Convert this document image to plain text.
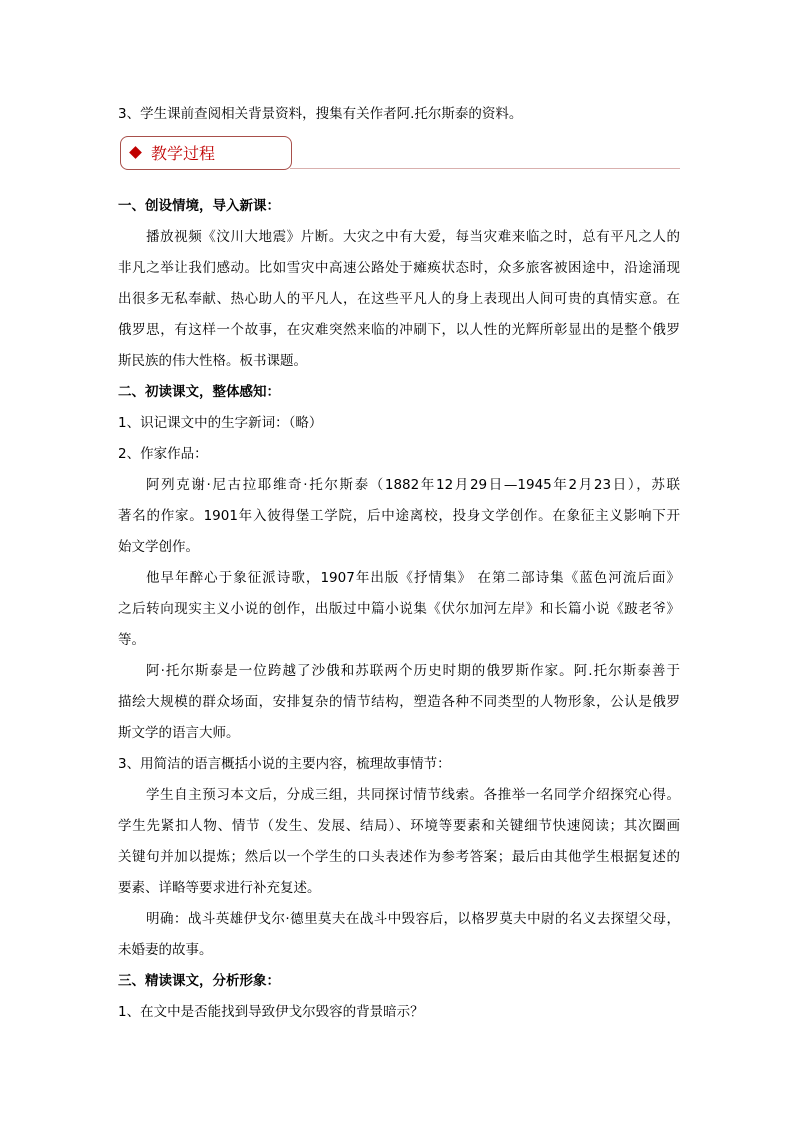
3、学生课前查阅相关背景资料，搜集有关作者阿.托尔斯泰的资料。
教学过程
一、创设情境，导入新课：
播放视频《汶川大地震》片断。大灾之中有大爱，每当灾难来临之时，总有平凡之人的
非凡之举让我们感动。比如雪灾中高速公路处于瘫痪状态时，众多旅客被困途中，沿途涌现
出很多无私奉献、热心助人的平凡人，在这些平凡人的身上表现出人间可贵的真情实意。在
俄罗思，有这样一个故事，在灾难突然来临的冲刷下，以人性的光辉所彰显出的是整个俄罗
斯民族的伟大性格。板书课题。
二、初读课文，整体感知：
1、识记课文中的生字新词：（略）
2、作家作品：
阿列克谢·尼古拉耶维奇·托尔斯泰（1882年12月29日—1945年2月23日），苏联
著名的作家。1901年入彼得堡工学院，后中途离校，投身文学创作。在象征主义影响下开
始文学创作。
他早年醉心于象征派诗歌，1907年出版《抒情集》 在第二部诗集《蓝色河流后面》
之后转向现实主义小说的创作，出版过中篇小说集《伏尔加河左岸》和长篇小说《跛老爷》
等。
阿·托尔斯泰是一位跨越了沙俄和苏联两个历史时期的俄罗斯作家。阿.托尔斯泰善于
描绘大规模的群众场面，安排复杂的情节结构，塑造各种不同类型的人物形象，公认是俄罗
斯文学的语言大师。
3、用简洁的语言概括小说的主要内容，梳理故事情节：
学生自主预习本文后，分成三组，共同探讨情节线索。各推举一名同学介绍探究心得。
学生先紧扣人物、情节（发生、发展、结局）、环境等要素和关键细节快速阅读；其次圈画
关键句并加以提炼；然后以一个学生的口头表述作为参考答案；最后由其他学生根据复述的
要素、详略等要求进行补充复述。
明确：战斗英雄伊戈尔·德里莫夫在战斗中毁容后，以格罗莫夫中尉的名义去探望父母，
未婚妻的故事。
三、精读课文，分析形象：
1、在文中是否能找到导致伊戈尔毁容的背景暗示？
